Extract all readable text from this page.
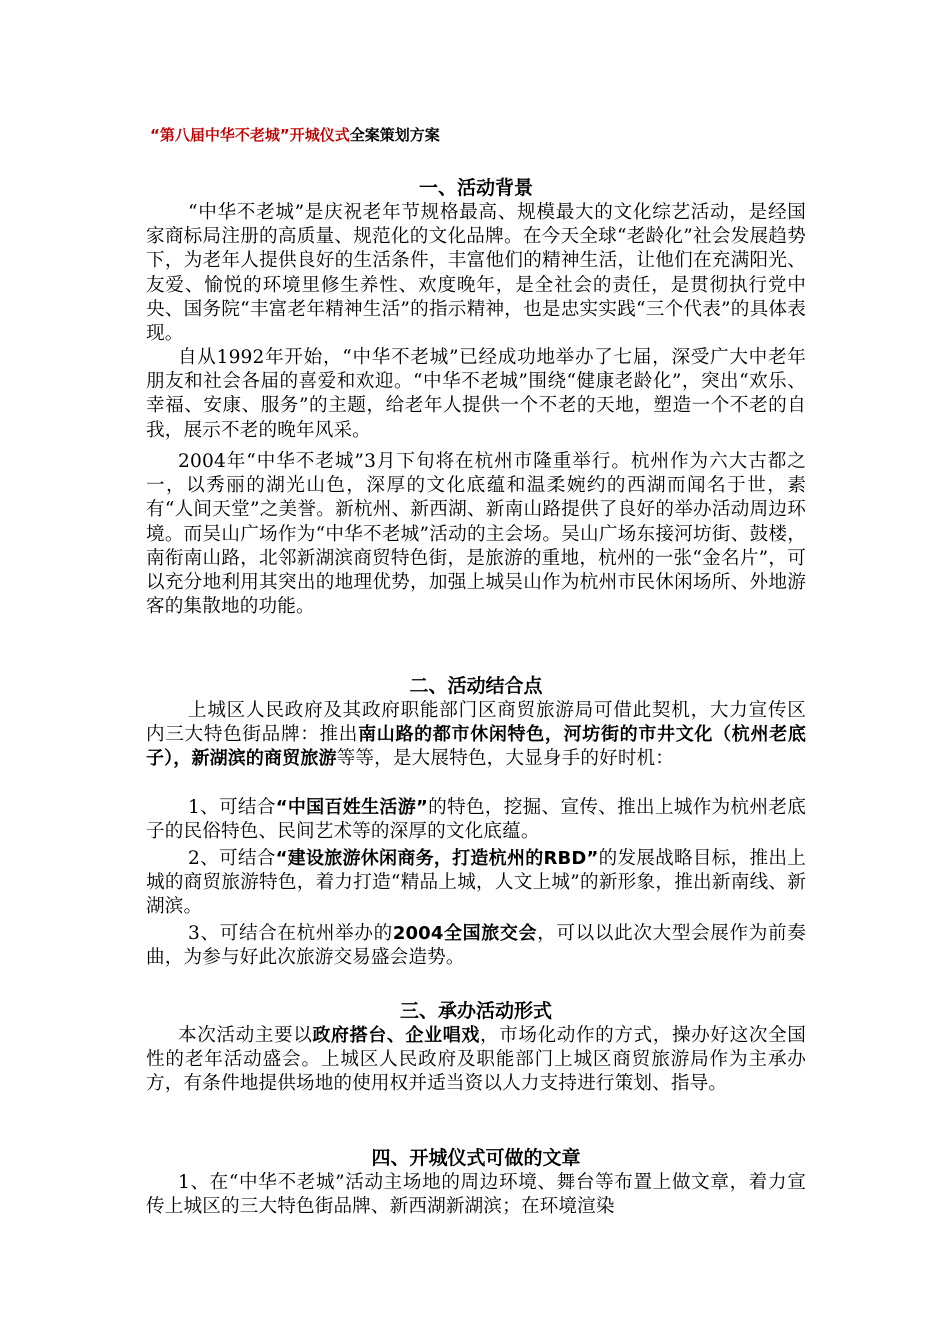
“第八届中华不老城”开城仪式全案策划方案
一、活动背景
“中华不老城”是庆祝老年节规格最高、规模最大的文化综艺活动，是经国家商标局注册的高质量、规范化的文化品牌。在今天全球“老龄化”社会发展趋势下，为老年人提供良好的生活条件，丰富他们的精神生活，让他们在充满阳光、友爱、愉悦的环境里修生养性、欢度晚年，是全社会的责任，是贯彻执行党中央、国务院“丰富老年精神生活”的指示精神，也是忠实实践“三个代表”的具体表现。
自从1992年开始，“中华不老城”已经成功地举办了七届，深受广大中老年朋友和社会各届的喜爱和欢迎。“中华不老城”围绕“健康老龄化”，突出“欢乐、幸福、安康、服务”的主题，给老年人提供一个不老的天地，塑造一个不老的自我，展示不老的晚年风采。
2004年“中华不老城”3月下旬将在杭州市隆重举行。杭州作为六大古都之一，以秀丽的湖光山色，深厚的文化底蕴和温柔婉约的西湖而闻名于世，素有“人间天堂”之美誉。新杭州、新西湖、新南山路提供了良好的举办活动周边环境。而吴山广场作为“中华不老城”活动的主会场。吴山广场东接河坊街、鼓楼，南衔南山路，北邻新湖滨商贸特色街，是旅游的重地，杭州的一张“金名片”，可以充分地利用其突出的地理优势，加强上城吴山作为杭州市民休闲场所、外地游客的集散地的功能。
二、活动结合点
上城区人民政府及其政府职能部门区商贸旅游局可借此契机，大力宣传区内三大特色街品牌：推出南山路的都市休闲特色，河坊街的市井文化（杭州老底子），新湖滨的商贸旅游等等，是大展特色，大显身手的好时机：
1、可结合“中国百姓生活游”的特色，挖掘、宣传、推出上城作为杭州老底子的民俗特色、民间艺术等的深厚的文化底蕴。
2、可结合“建设旅游休闲商务，打造杭州的RBD”的发展战略目标，推出上城的商贸旅游特色，着力打造“精品上城，人文上城”的新形象，推出新南线、新湖滨。
3、可结合在杭州举办的2004全国旅交会，可以以此次大型会展作为前奏曲，为参与好此次旅游交易盛会造势。
三、承办活动形式
本次活动主要以政府搭台、企业唱戏，市场化动作的方式，操办好这次全国性的老年活动盛会。上城区人民政府及职能部门上城区商贸旅游局作为主承办方，有条件地提供场地的使用权并适当资以人力支持进行策划、指导。
四、开城仪式可做的文章
1、在“中华不老城”活动主场地的周边环境、舞台等布置上做文章，着力宣传上城区的三大特色街品牌、新西湖新湖滨；在环境渲染
